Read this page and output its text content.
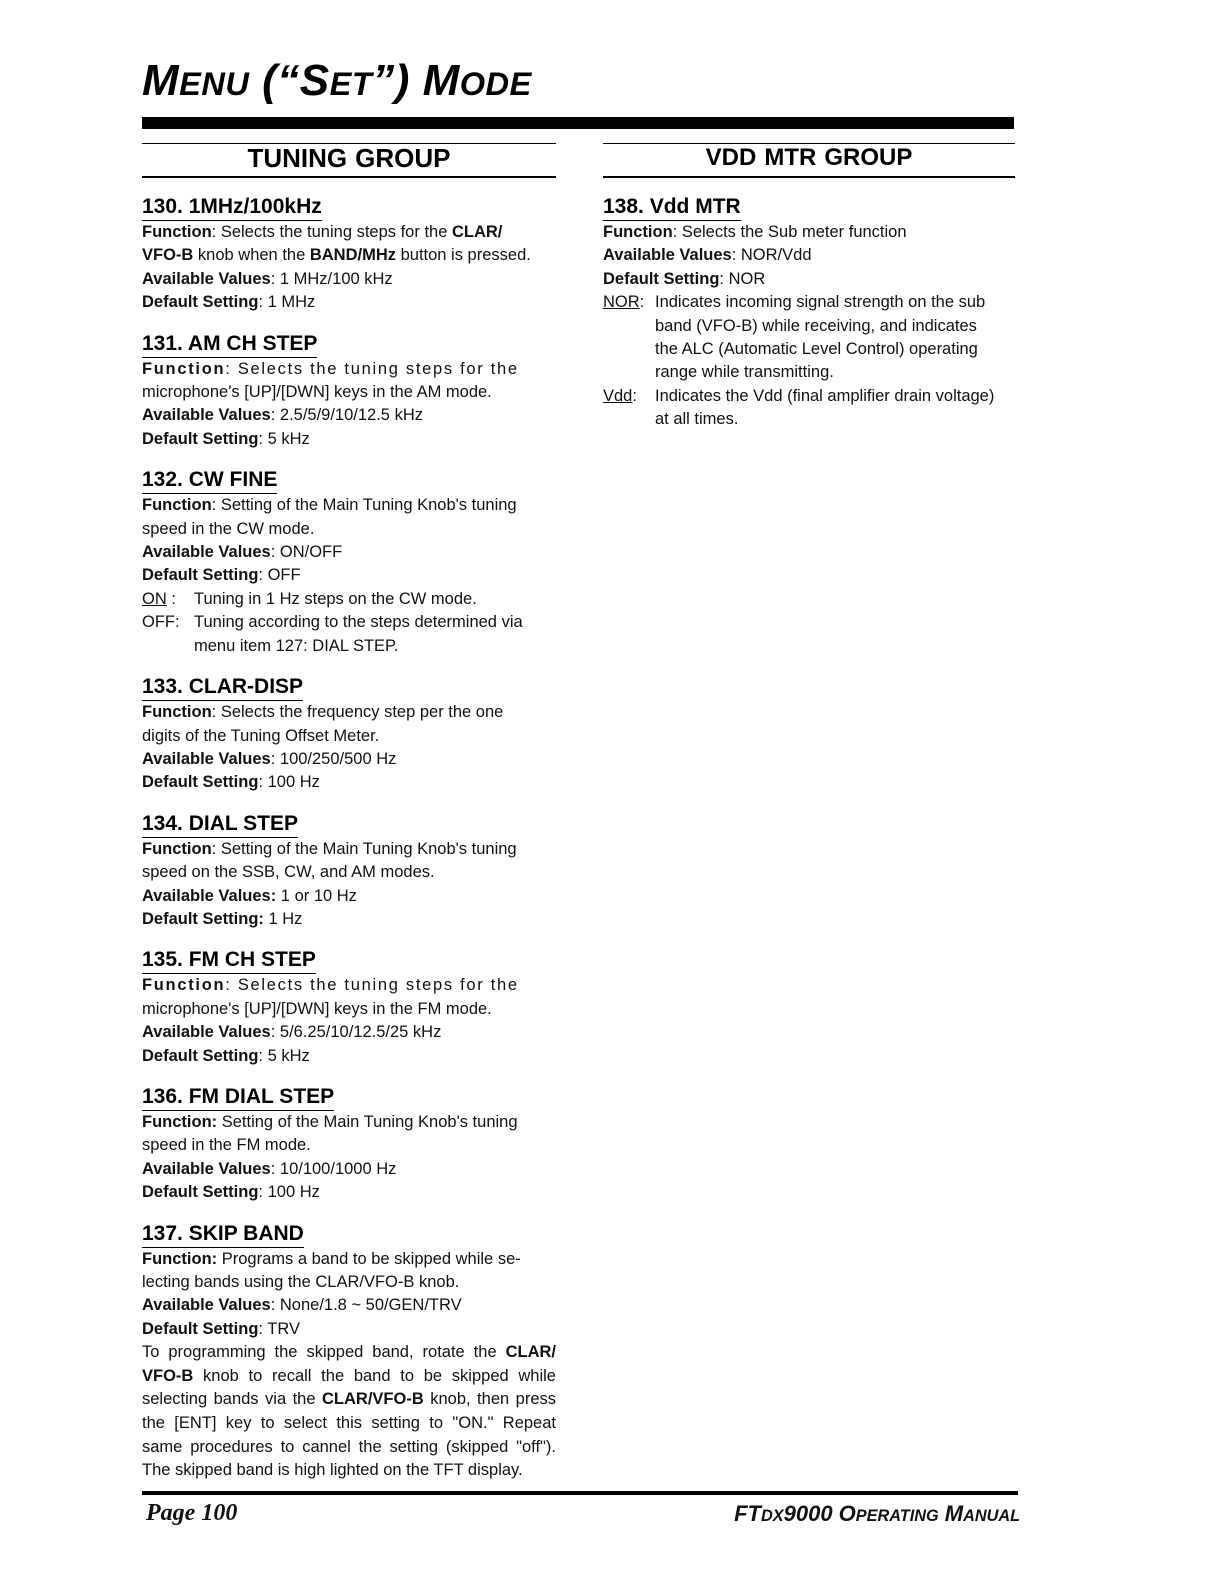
MENU (“SET”) MODE
TUNINGGROUP
130. 1MHz/100kHz
Function: Selects the tuning steps for the CLAR/
VFO-B knob when the BAND/MHz button is pressed.
Available Values: 1 MHz/100 kHz
Default Setting: 1 MHz
131. AM CH STEP
Function: Selects the tuning steps for the
microphone's [UP]/[DWN] keys in the AM mode.
Available Values: 2.5/5/9/10/12.5 kHz
Default Setting: 5 kHz
132. CW FINE
Function: Setting of the Main Tuning Knob's tuning
speed in the CW mode.
Available Values: ON/OFF
Default Setting: OFF
ON :	Tuning in 1 Hz steps on the CW mode.
OFF: Tuning according to the steps determined via
menu item 127: DIAL STEP.
133. CLAR-DISP
Function: Selects the frequency step per the one
digits of the Tuning Offset Meter.
Available Values: 100/250/500 Hz
Default Setting: 100 Hz
134. DIAL STEP
Function: Setting of the Main Tuning Knob's tuning
speed on the SSB, CW, and AM modes.
Available Values: 1 or 10 Hz
Default Setting: 1 Hz
135. FM CH STEP
Function: Selects the tuning steps for the
microphone's [UP]/[DWN] keys in the FM mode.
Available Values: 5/6.25/10/12.5/25 kHz
Default Setting: 5 kHz
136. FM DIAL STEP
Function: Setting of the Main Tuning Knob's tuning
speed in the FM mode.
Available Values: 10/100/1000 Hz
Default Setting: 100 Hz
137. SKIP BAND
Function: Programs a band to be skipped while se-
lecting bands using the CLAR/VFO-B knob.
Available Values: None/1.8 ~ 50/GEN/TRV
Default Setting: TRV
To programming the skipped band, rotate the CLAR/ VFO-B knob to recall the band to be skipped while selecting bands via the CLAR/VFO-B knob, then press the [ENT] key to select this setting to "ON." Repeat same procedures to cannel the setting (skipped "off"). The skipped band is high lighted on the TFT display.
VDDMTRGROUP
138. Vdd MTR
Function: Selects the Sub meter function
Available Values: NOR/Vdd
Default Setting: NOR
NOR: Indicates incoming signal strength on the sub
band (VFO-B) while receiving, and indicates
the ALC (Automatic Level Control) operating
range while transmitting.
Vdd:	Indicates the Vdd (final amplifier drain voltage)
at all times.
Page 100	FTDX9000 OPERATING MANUAL
